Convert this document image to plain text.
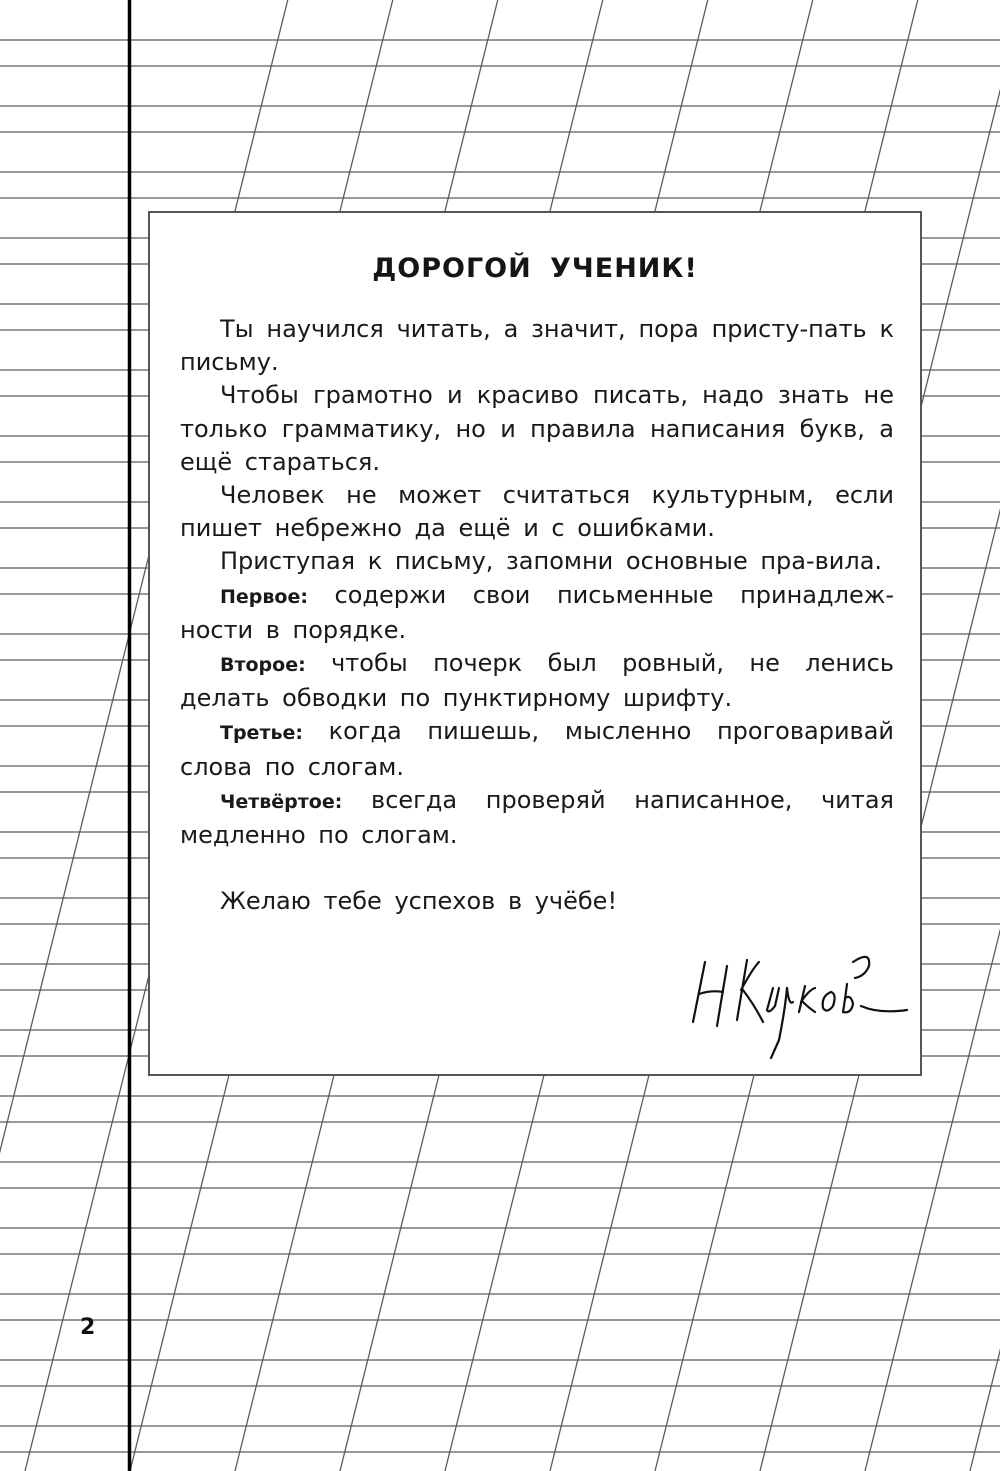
2
ДОРОГОЙ УЧЕНИК!

Ты научился читать, а значит, пора присту-пать к письму.

Чтобы грамотно и красиво писать, надо знать не только грамматику, но и правила написания букв, а ещё стараться.

Человек не может считаться культурным, если пишет небрежно да ещё и с ошибками.

Приступая к письму, запомни основные пра-вила.

Первое: содержи свои письменные принадлеж-ности в порядке.

Второе: чтобы почерк был ровный, не ленись делать обводки по пунктирному шрифту.

Третье: когда пишешь, мысленно проговаривай слова по слогам.

Четвёртое: всегда проверяй написанное, читая медленно по слогам.

Желаю тебе успехов в учёбе!
